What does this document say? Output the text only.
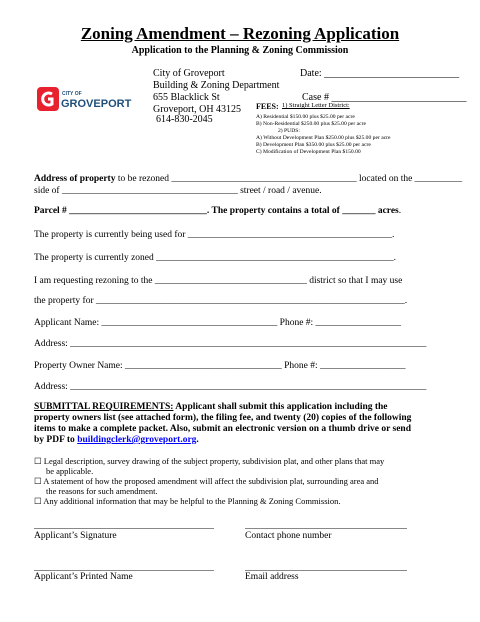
Zoning Amendment – Rezoning Application
Application to the Planning & Zoning Commission
CITY OF
GROVEPORT
City of Groveport
Building & Zoning Department
655 Blacklick St
Groveport, OH 43125
614-830-2045
Date: ___________________________
Case # ___________________________
FEES: 1) Straight Letter District:
A) Residential $150.00 plus $25.00 per acre
B) Non-Residential $250.00 plus $25.00 per acre
2) PUDS:
A) Without Development Plan $250.00 plus $25.00 per acre
B) Development Plan $350.00 plus $25.00 per acre
C) Modification of Development Plan $150.00
Address of property to be rezoned _______________________________________ located on the __________
side of _____________________________________ street / road / avenue.
Parcel # _____________________________. The property contains a total of _______ acres.
The property is currently being used for ___________________________________________.
The property is currently zoned __________________________________________________.
I am requesting rezoning to the ________________________________ district so that I may use
the property for _________________________________________________________________.
Applicant Name: _____________________________________ Phone #: __________________
Address: ___________________________________________________________________________
Property Owner Name: _________________________________ Phone #: __________________
Address: ___________________________________________________________________________
SUBMITTAL REQUIREMENTS: Applicant shall submit this application including the
property owners list (see attached form), the filing fee, and twenty (20) copies of the following
items to make a complete packet. Also, submit an electronic version on a thumb drive or send
by PDF to buildingclerk@groveport.org.
☐ Legal description, survey drawing of the subject property, subdivision plat, and other plans that may
be applicable.
☐ A statement of how the proposed amendment will affect the subdivision plat, surrounding area and
the reasons for such amendment.
☐ Any additional information that may be helpful to the Planning & Zoning Commission.
Applicant’s Signature	Contact phone number
Applicant’s Printed Name	Email address
